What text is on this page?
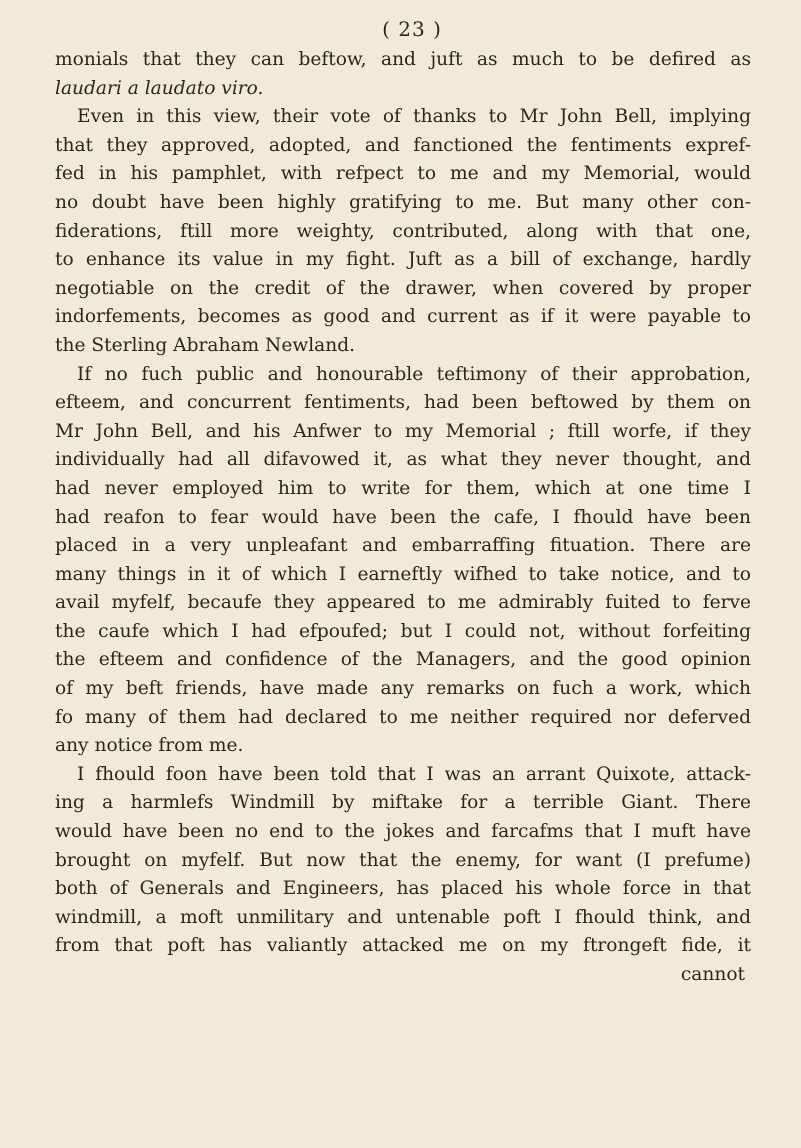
( 23 )
monials that they can beftow, and juft as much to be defired as
laudari a laudato viro.
Even in this view, their vote of thanks to Mr John Bell, implying
that they approved, adopted, and fanctioned the fentiments expref-
fed in his pamphlet, with refpect to me and my Memorial, would
no doubt have been highly gratifying to me. But many other con-
fiderations, ftill more weighty, contributed, along with that one,
to enhance its value in my fight. Juft as a bill of exchange, hardly
negotiable on the credit of the drawer, when covered by proper
indorfements, becomes as good and current as if it were payable to
the Sterling Abraham Newland.
If no fuch public and honourable teftimony of their approbation,
efteem, and concurrent fentiments, had been beftowed by them on
Mr John Bell, and his Anfwer to my Memorial ; ftill worfe, if they
individually had all difavowed it, as what they never thought, and
had never employed him to write for them, which at one time I
had reafon to fear would have been the cafe, I fhould have been
placed in a very unpleafant and embarraffing fituation. There are
many things in it of which I earneftly wifhed to take notice, and to
avail myfelf, becaufe they appeared to me admirably fuited to ferve
the caufe which I had efpoufed; but I could not, without forfeiting
the efteem and confidence of the Managers, and the good opinion
of my beft friends, have made any remarks on fuch a work, which
fo many of them had declared to me neither required nor deferved
any notice from me.
I fhould foon have been told that I was an arrant Quixote, attack-
ing a harmlefs Windmill by miftake for a terrible Giant. There
would have been no end to the jokes and farcafms that I muft have
brought on myfelf. But now that the enemy, for want (I prefume)
both of Generals and Engineers, has placed his whole force in that
windmill, a moft unmilitary and untenable poft I fhould think, and
from that poft has valiantly attacked me on my ftrongeft fide, it
cannot
